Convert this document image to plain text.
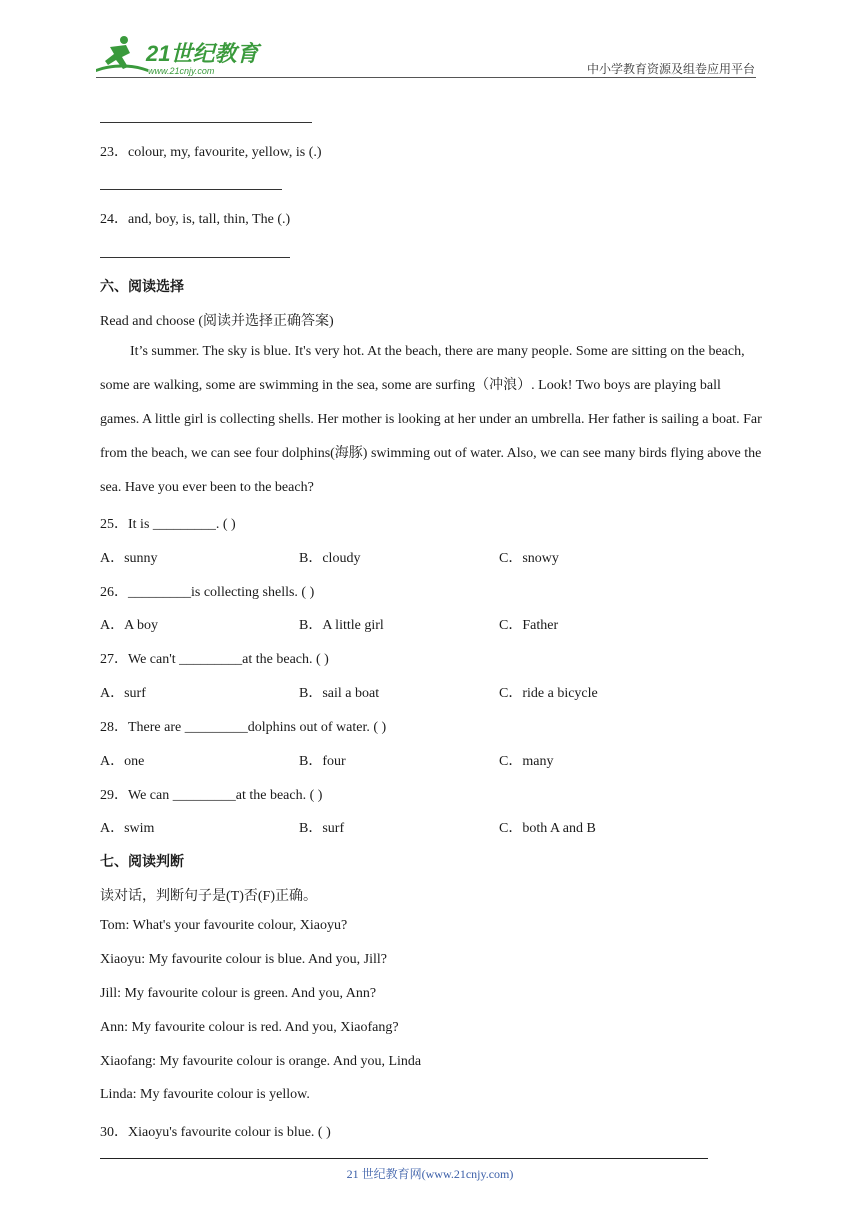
21世纪教育
www.21cnjy.com	中小学教育资源及组卷应用平台
23．colour, my, favourite, yellow, is (.)
24．and, boy, is, tall, thin, The (.)
六、阅读选择
Read and choose (阅读并选择正确答案)
It’s summer. The sky is blue. It's very hot. At the beach, there are many people. Some are sitting on the beach, some are walking, some are swimming in the sea, some are surfing（冲浪）. Look! Two boys are playing ball games. A little girl is collecting shells. Her mother is looking at her under an umbrella. Her father is sailing a boat. Far from the beach, we can see four dolphins(海豚) swimming out of water. Also, we can see many birds flying above the sea. Have you ever been to the beach?
25．It is _________. ( )
A．sunny	B．cloudy	C．snowy
26．_________is collecting shells. ( )
A．A boy	B．A little girl	C．Father
27．We can't _________at the beach. ( )
A．surf	B．sail a boat	C．ride a bicycle
28．There are _________dolphins out of water. ( )
A．one	B．four	C．many
29．We can _________at the beach. ( )
A．swim	B．surf	C．both A and B
七、阅读判断
读对话，判断句子是(T)否(F)正确。
Tom: What's your favourite colour, Xiaoyu?
Xiaoyu: My favourite colour is blue. And you, Jill?
Jill: My favourite colour is green. And you, Ann?
Ann: My favourite colour is red. And you, Xiaofang?
Xiaofang: My favourite colour is orange. And you, Linda
Linda: My favourite colour is yellow.
30．Xiaoyu's favourite colour is blue. ( )
21 世纪教育网(www.21cnjy.com)
